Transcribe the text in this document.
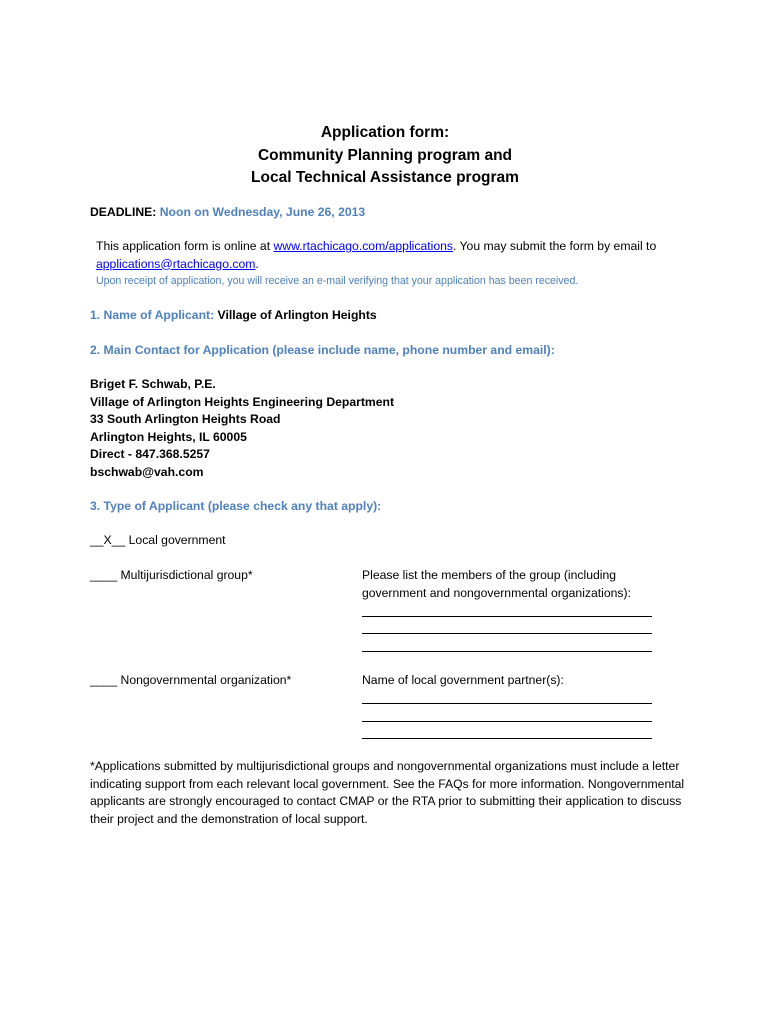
Application form:
Community Planning program and
Local Technical Assistance program
DEADLINE: Noon on Wednesday, June 26, 2013
This application form is online at www.rtachicago.com/applications. You may submit the form by email to applications@rtachicago.com.
Upon receipt of application, you will receive an e-mail verifying that your application has been received.
1. Name of Applicant: Village of Arlington Heights
2. Main Contact for Application (please include name, phone number and email):
Briget F. Schwab, P.E.
Village of Arlington Heights Engineering Department
33 South Arlington Heights Road
Arlington Heights, IL 60005
Direct - 847.368.5257
bschwab@vah.com
3. Type of Applicant (please check any that apply):
__X__ Local government
____ Multijurisdictional group*	Please list the members of the group (including government and nongovernmental organizations):
____ Nongovernmental organization*	Name of local government partner(s):
*Applications submitted by multijurisdictional groups and nongovernmental organizations must include a letter indicating support from each relevant local government. See the FAQs for more information. Nongovernmental applicants are strongly encouraged to contact CMAP or the RTA prior to submitting their application to discuss their project and the demonstration of local support.
